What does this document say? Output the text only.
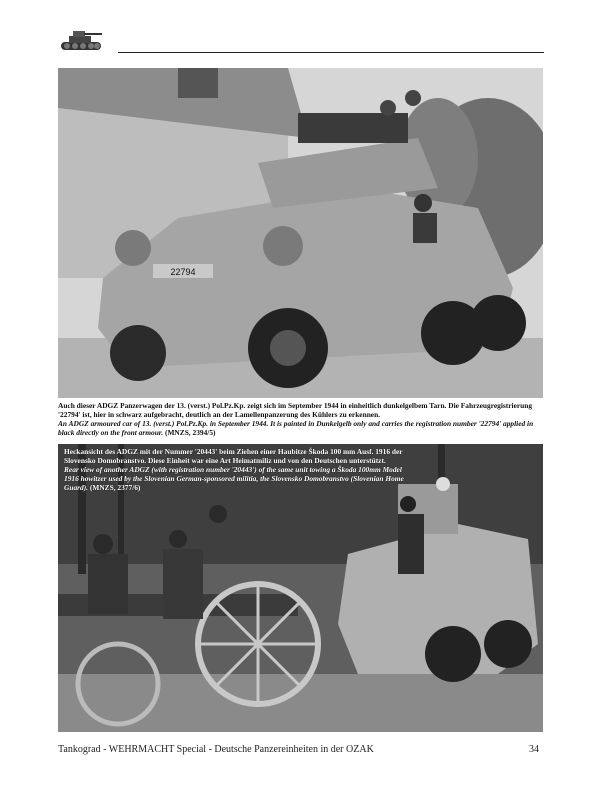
22794
Auch dieser ADGZ Panzerwagen der 13. (verst.) Pol.Pz.Kp. zeigt sich im September 1944 in einheitlich dunkelgelbem Tarn. Die Fahrzeugregistrierung '22794' ist, hier in schwarz aufgebracht, deutlich an der Lamellenpanzerung des Kühlers zu erkennen.
An ADGZ armoured car of 13. (verst.) Pol.Pz.Kp. in September 1944. It is painted in Dunkelgelb only and carries the registration number '22794' applied in black directly on the front armour. (MNZS, 2394/5)
Heckansicht des ADGZ mit der Nummer '20443' beim Ziehen einer Haubitze Škoda 100 mm Ausf. 1916 der Slovensko Domobranstvo. Diese Einheit war eine Art Heimatmiliz und von den Deutschen unterstützt.
Rear view of another ADGZ (with registration number '20443') of the same unit towing a Škoda 100mm Model 1916 howitzer used by the Slovenian German-sponsored militia, the Slovensko Domobranstvo (Slovenian Home Guard). (MNZS, 2377/6)
Tankograd - WEHRMACHT Special - Deutsche Panzereinheiten in der OZAK	34
